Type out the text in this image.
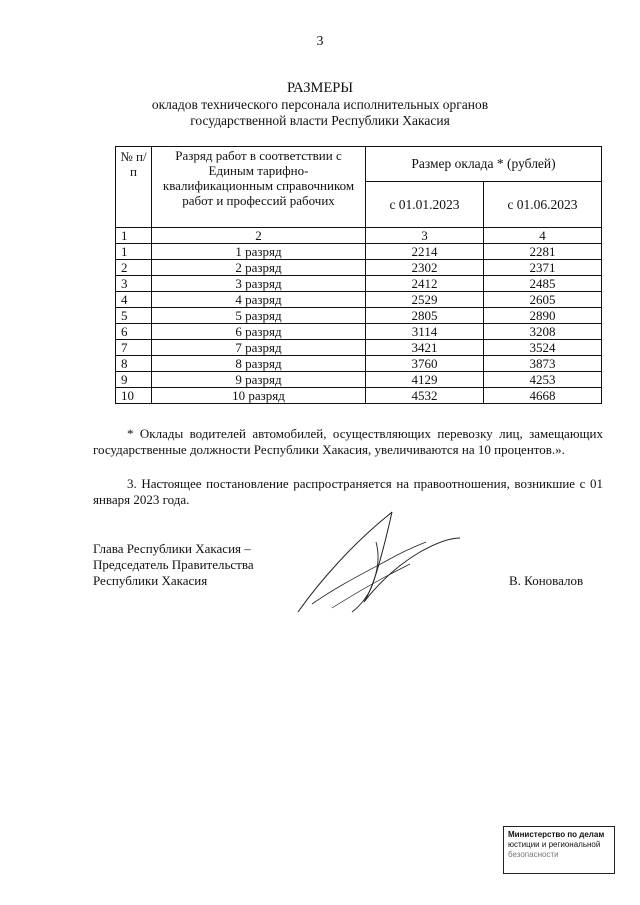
3
РАЗМЕРЫ
окладов технического персонала исполнительных органов
государственной власти Республики Хакасия
№ п/п	Разряд работ в соответствии с Единым тарифно-квалификационным справочником работ и профессий рабочих	Размер оклада * (рублей)	
		с 01.01.2023	с 01.06.2023
1	2	3	4
1	1 разряд	2214	2281
2	2 разряд	2302	2371
3	3 разряд	2412	2485
4	4 разряд	2529	2605
5	5 разряд	2805	2890
6	6 разряд	3114	3208
7	7 разряд	3421	3524
8	8 разряд	3760	3873
9	9 разряд	4129	4253
10	10 разряд	4532	4668
* Оклады водителей автомобилей, осуществляющих перевозку лиц, замещающих государственные должности Республики Хакасия, увеличиваются на 10 процентов.».
3. Настоящее постановление распространяется на правоотношения, возникшие с 01 января 2023 года.
Глава Республики Хакасия –
Председатель Правительства
Республики Хакасия	В. Коновалов
Министерство по делам
юстиции и региональной
безопасности
